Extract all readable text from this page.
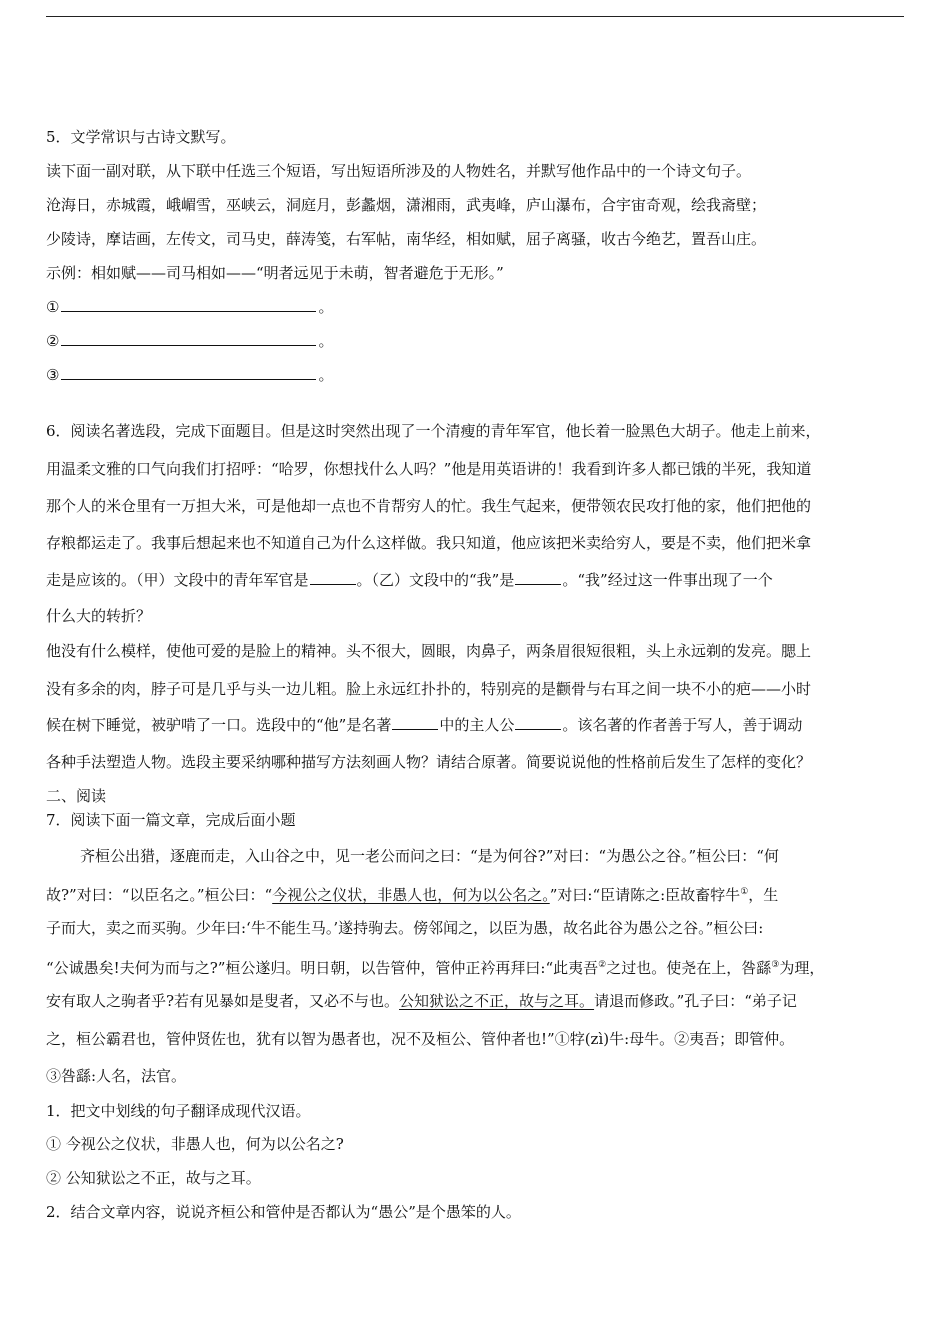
5．文学常识与古诗文默写。
读下面一副对联，从下联中任选三个短语，写出短语所涉及的人物姓名，并默写他作品中的一个诗文句子。
沧海日，赤城霞，峨嵋雪，巫峡云，洞庭月，彭蠡烟，潇湘雨，武夷峰，庐山瀑布，合宇宙奇观，绘我斋壁；
少陵诗，摩诘画，左传文，司马史，薛涛笺，右军帖，南华经，相如赋，屈子离骚，收古今绝艺，置吾山庄。
示例：相如赋——司马相如——“明者远见于未萌，智者避危于无形。”
①	。
②	。
③	。
6．阅读名著选段，完成下面题目。但是这时突然出现了一个清瘦的青年军官，他长着一脸黑色大胡子。他走上前来，
用温柔文雅的口气向我们打招呼：“哈罗，你想找什么人吗？”他是用英语讲的！我看到许多人都已饿的半死，我知道
那个人的米仓里有一万担大米，可是他却一点也不肯帮穷人的忙。我生气起来，便带领农民攻打他的家，他们把他的
存粮都运走了。我事后想起来也不知道自己为什么这样做。我只知道，他应该把米卖给穷人，要是不卖，他们把米拿
走是应该的。（甲）文段中的青年军官是	。（乙）文段中的“我”是	。“我”经过这一件事出现了一个
什么大的转折？
他没有什么模样，使他可爱的是脸上的精神。头不很大，圆眼，肉鼻子，两条眉很短很粗，头上永远剃的发亮。腮上
没有多余的肉，脖子可是几乎与头一边儿粗。脸上永远红扑扑的，特别亮的是颧骨与右耳之间一块不小的疤——小时
候在树下睡觉，被驴啃了一口。选段中的“他”是名著	中的主人公	。该名著的作者善于写人，善于调动
各种手法塑造人物。选段主要采纳哪种描写方法刻画人物？请结合原著。简要说说他的性格前后发生了怎样的变化？
二、阅读
7．阅读下面一篇文章，完成后面小题
齐桓公出猎，逐鹿而走，入山谷之中，见一老公而问之曰：“是为何谷?”对曰：“为愚公之谷。”桓公曰：“何
故?”对曰：“以臣名之。”桓公曰：“今视公之仪状，非愚人也，何为以公名之。”对曰:“臣请陈之:臣故畜牸牛①，生
子而大，卖之而买驹。少年曰:‘牛不能生马。’遂持驹去。傍邻闻之，以臣为愚，故名此谷为愚公之谷。”桓公曰:
“公诚愚矣!夫何为而与之?”桓公遂归。明日朝，以告管仲，管仲正衿再拜曰:“此夷吾②之过也。使尧在上，咎繇③为理，
安有取人之驹者乎?若有见暴如是叟者，又必不与也。公知狱讼之不正，故与之耳。请退而修政。”孔子曰：“弟子记
之，桓公霸君也，管仲贤佐也，犹有以智为愚者也，况不及桓公、管仲者也!”①牸(zì)牛:母牛。②夷吾；即管仲。
③咎繇:人名，法官。
1．把文中划线的句子翻译成现代汉语。
① 今视公之仪状，非愚人也，何为以公名之?
② 公知狱讼之不正，故与之耳。
2．结合文章内容，说说齐桓公和管仲是否都认为“愚公”是个愚笨的人。
